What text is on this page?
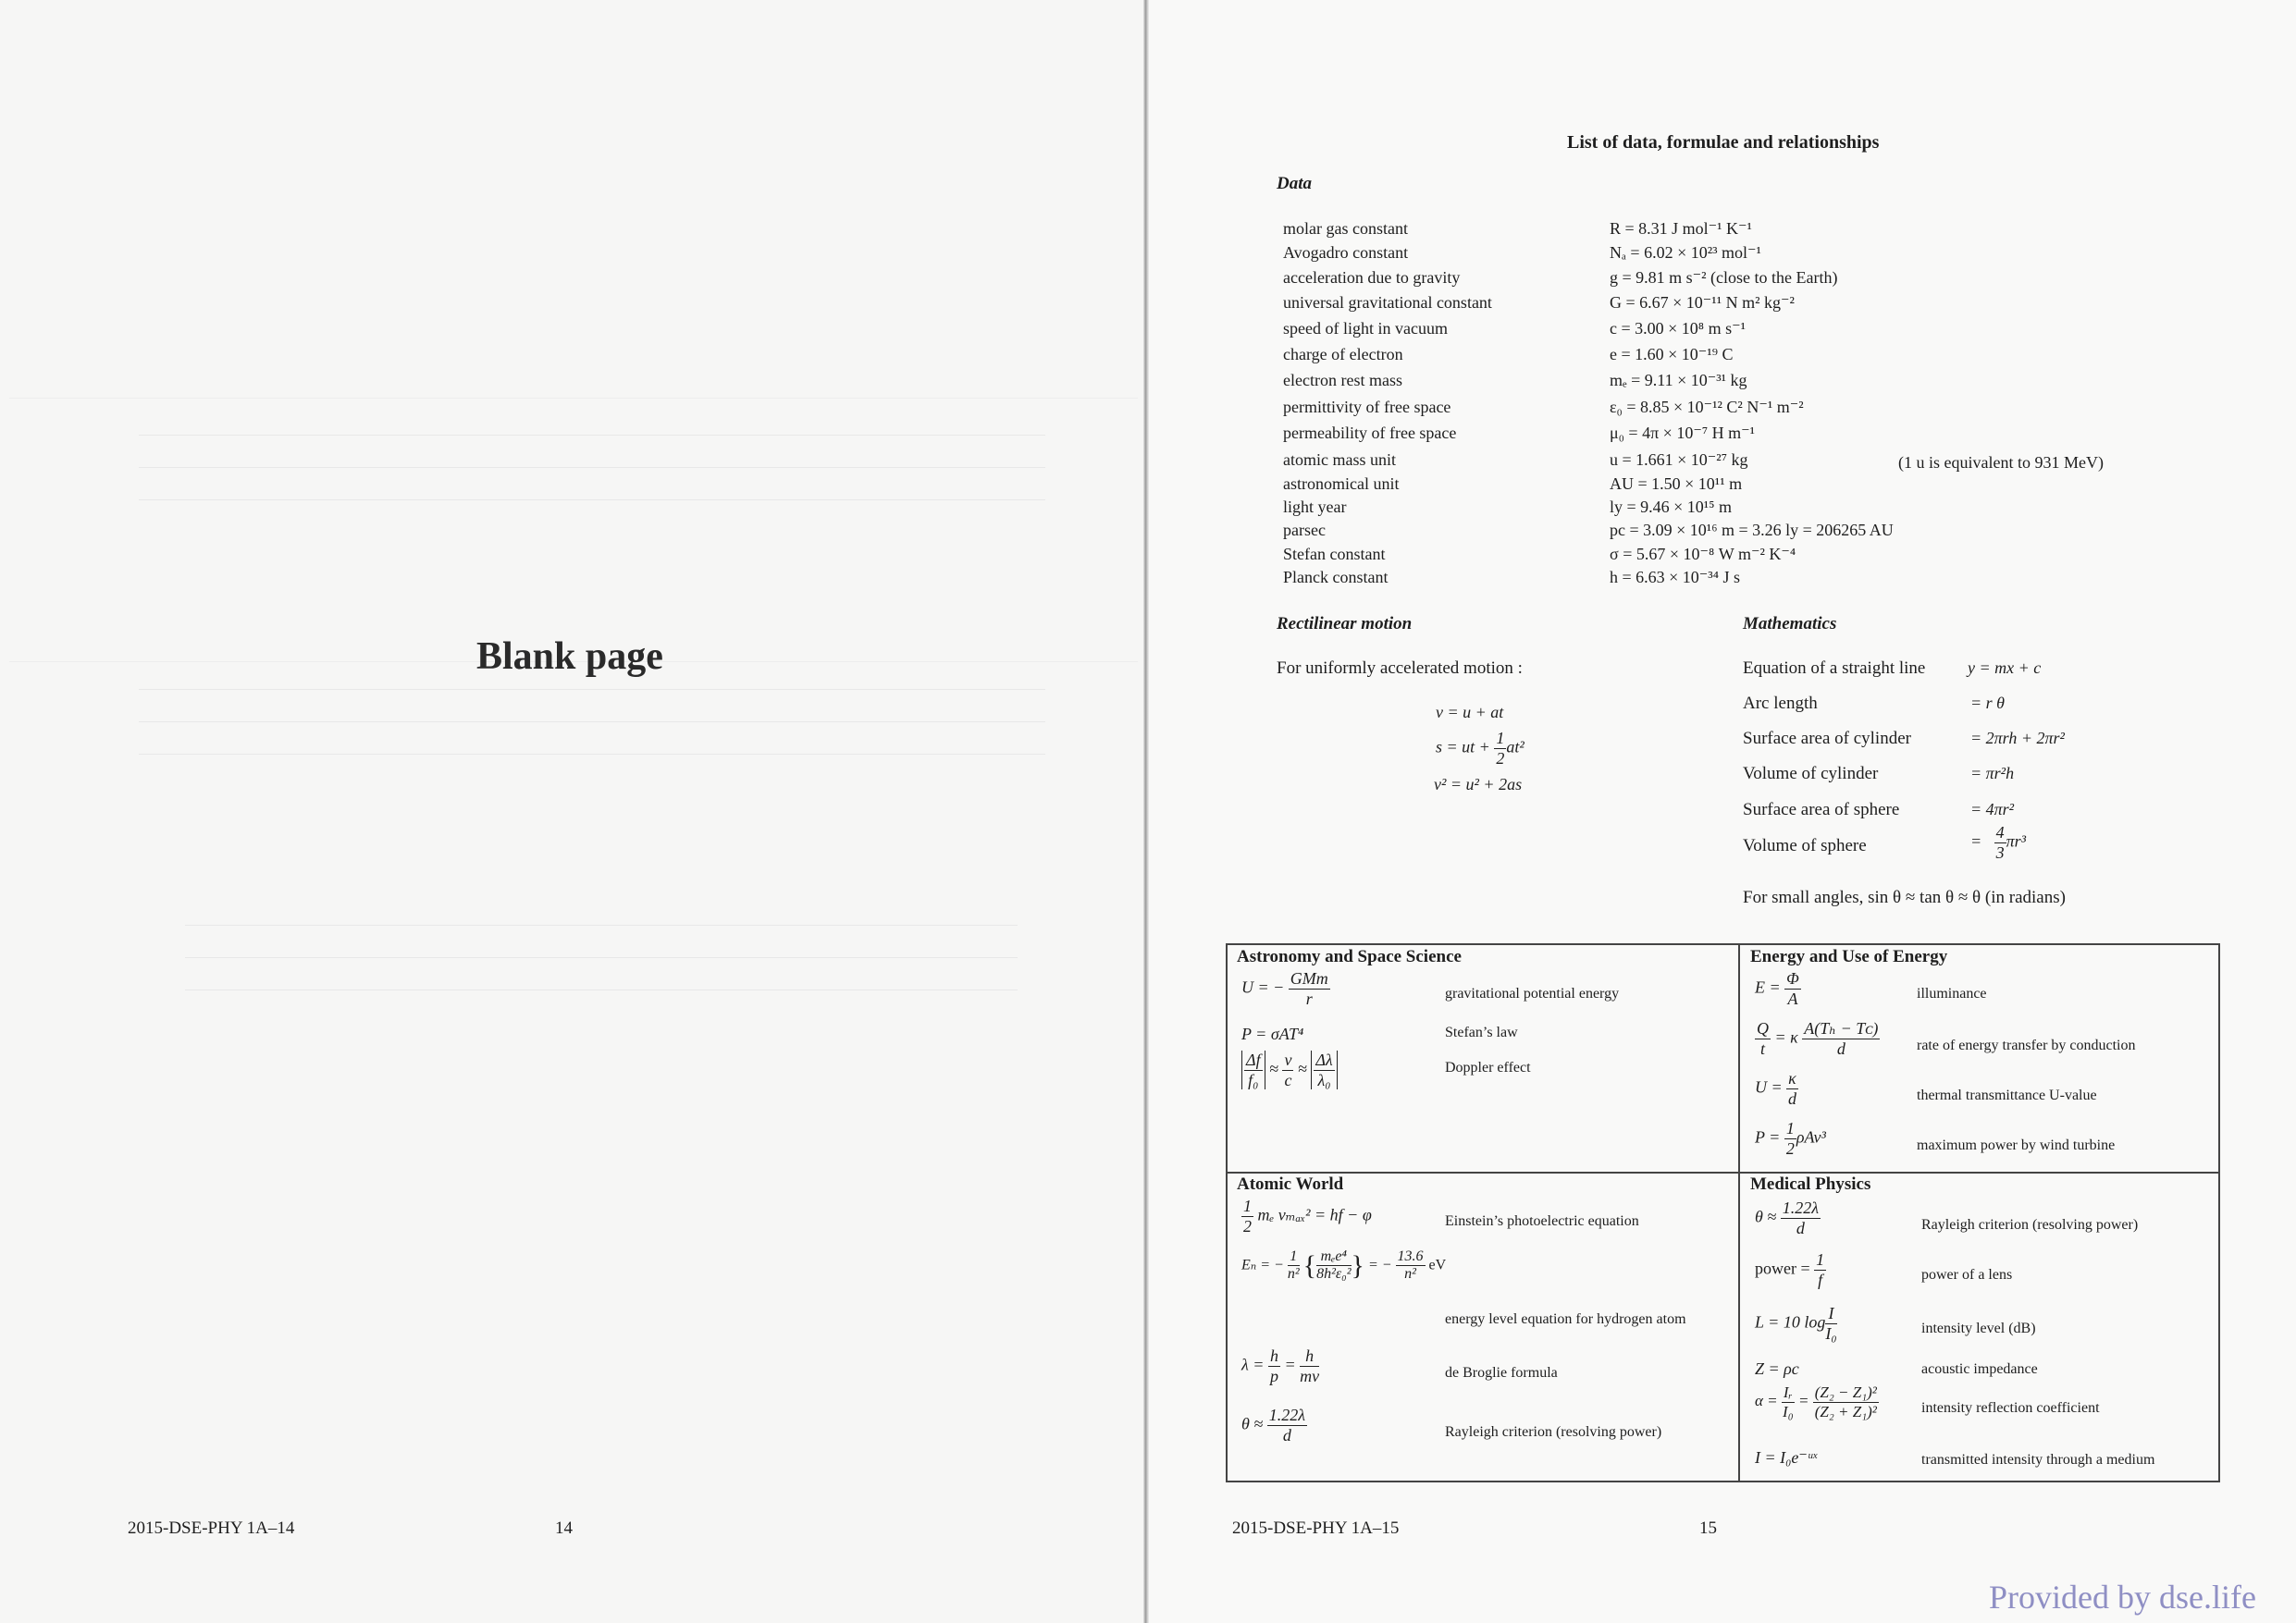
Blank page
2015-DSE-PHY 1A–14	14
List of data, formulae and relationships
Data
molar gas constant	R = 8.31 J mol⁻¹ K⁻¹
Avogadro constant	Nₐ = 6.02 × 10²³ mol⁻¹
acceleration due to gravity	g = 9.81 m s⁻² (close to the Earth)
universal gravitational constant	G = 6.67 × 10⁻¹¹ N m² kg⁻²
speed of light in vacuum	c = 3.00 × 10⁸ m s⁻¹
charge of electron	e = 1.60 × 10⁻¹⁹ C
electron rest mass	mₑ = 9.11 × 10⁻³¹ kg
permittivity of free space	ε₀ = 8.85 × 10⁻¹² C² N⁻¹ m⁻²
permeability of free space	μ₀ = 4π × 10⁻⁷ H m⁻¹
atomic mass unit	u = 1.661 × 10⁻²⁷ kg
astronomical unit	AU = 1.50 × 10¹¹ m
light year	ly = 9.46 × 10¹⁵ m
parsec	pc = 3.09 × 10¹⁶ m = 3.26 ly = 206265 AU
Stefan constant	σ = 5.67 × 10⁻⁸ W m⁻² K⁻⁴
Planck constant	h = 6.63 × 10⁻³⁴ J s
(1 u is equivalent to 931 MeV)
Rectilinear motion
For uniformly accelerated motion :
v = u + at
s = ut + $\frac{1}{2} at^2$
v² = u² + 2as
Mathematics
Equation of a straight line	y = mx + c
Arc length	= r θ
Surface area of cylinder	= 2πrh + 2πr²
Volume of cylinder	= πr²h
Surface area of sphere	= 4πr²
Volume of sphere	= $\frac{4}{3} \pi r^3$
For small angles, sin θ ≈ tan θ ≈ θ (in radians)
Astronomy and Space Science
U = − $\frac{\text{GMm}}{r}$	gravitational potential energy
P = σAT⁴	Stefan’s law
$\frac{\Delta f}{\text{f₀}} \approx \frac{v}{c} \approx \frac{\Delta\lambda}{\text{λ₀}}$	Doppler effect
Energy and Use of Energy
$E = \frac{\Phi}{A}$	illuminance
$\frac{Q}{t} = \kappa \frac{\text{A(Tₕ − Tᴄ)}}{d}$ rate of energy transfer by conduction
$U = \frac{\kappa}{d}$	thermal transmittance U-value
$P = \frac{1}{2} \rho Av^3$	maximum power by wind turbine
Atomic World
$\frac{1}{2}$ mₑ vₘₐₓ² = hf − φ	Einstein’s photoelectric equation
Eₙ = − $\frac{1}{\text{n²}}$ { $\frac{\text{mₑe⁴}}{\text{8h²ε₀²}}$ } = − $\frac{13.6}{\text{n²}}$ eV
energy level equation for hydrogen atom
$\lambda = \frac{h}{p} = \frac{h}{mv}$	de Broglie formula
$\theta \approx \frac{1.22\lambda}{d}$	Rayleigh criterion (resolving power)
Medical Physics
$\theta \approx \frac{1.22\lambda}{d}$	Rayleigh criterion (resolving power)
power = $\frac{1}{f}$	power of a lens
L = 10 $\log \frac{I}{\text{I₀}}$	intensity level (dB)
Z = ρc	acoustic impedance
$\alpha = \frac{\text{Iᵣ}}{\text{I₀}} = \frac{\text{(Z₂ − Z₁)²}}{\text{(Z₂ + Z₁)²}}$	intensity reflection coefficient
I = I₀e⁻ᵘˣ	transmitted intensity through a medium
2015-DSE-PHY 1A–15	15
Provided by dse.life
